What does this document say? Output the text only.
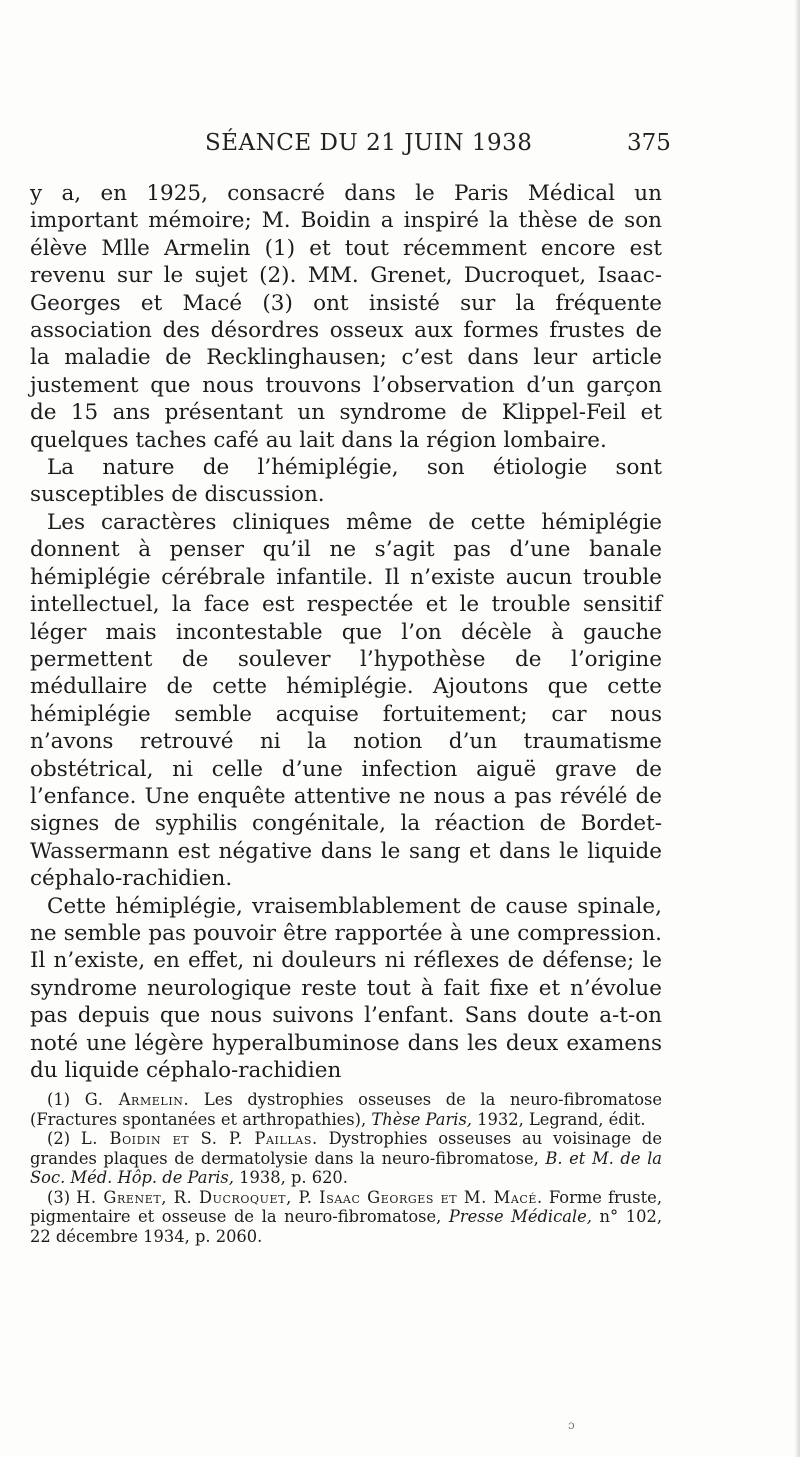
SÉANCE DU 21 JUIN 1938	375

y a, en 1925, consacré dans le Paris Médical un important mémoire; M. Boidin a inspiré la thèse de son élève Mlle Armelin (1) et tout récemment encore est revenu sur le sujet (2). MM. Grenet, Ducroquet, Isaac-Georges et Macé (3) ont insisté sur la fréquente association des désordres osseux aux formes frustes de la maladie de Recklinghausen; c’est dans leur article justement que nous trouvons l’observation d’un garçon de 15 ans présentant un syndrome de Klippel-Feil et quelques taches café au lait dans la région lombaire.

La nature de l’hémiplégie, son étiologie sont susceptibles de discussion.

Les caractères cliniques même de cette hémiplégie donnent à penser qu’il ne s’agit pas d’une banale hémiplégie cérébrale infantile. Il n’existe aucun trouble intellectuel, la face est respectée et le trouble sensitif léger mais incontestable que l’on décèle à gauche permettent de soulever l’hypothèse de l’origine médullaire de cette hémiplégie. Ajoutons que cette hémiplégie semble acquise fortuitement; car nous n’avons retrouvé ni la notion d’un traumatisme obstétrical, ni celle d’une infection aiguë grave de l’enfance. Une enquête attentive ne nous a pas révélé de signes de syphilis congénitale, la réaction de Bordet-Wassermann est négative dans le sang et dans le liquide céphalo-rachidien.

Cette hémiplégie, vraisemblablement de cause spinale, ne semble pas pouvoir être rapportée à une compression. Il n’existe, en effet, ni douleurs ni réflexes de défense; le syndrome neurologique reste tout à fait fixe et n’évolue pas depuis que nous suivons l’enfant. Sans doute a-t-on noté une légère hyperalbuminose dans les deux examens du liquide céphalo-rachidien

(1) G. Armelin. Les dystrophies osseuses de la neuro-fibromatose (Fractures spontanées et arthropathies), Thèse Paris, 1932, Legrand, édit.

(2) L. Boidin et S. P. Paillas. Dystrophies osseuses au voisinage de grandes plaques de dermatolysie dans la neuro-fibromatose, B. et M. de la Soc. Méd. Hôp. de Paris, 1938, p. 620.

(3) H. Grenet, R. Ducroquet, P. Isaac Georges et M. Macé. Forme fruste, pigmentaire et osseuse de la neuro-fibromatose, Presse Médicale, n° 102, 22 décembre 1934, p. 2060.

ɔ
